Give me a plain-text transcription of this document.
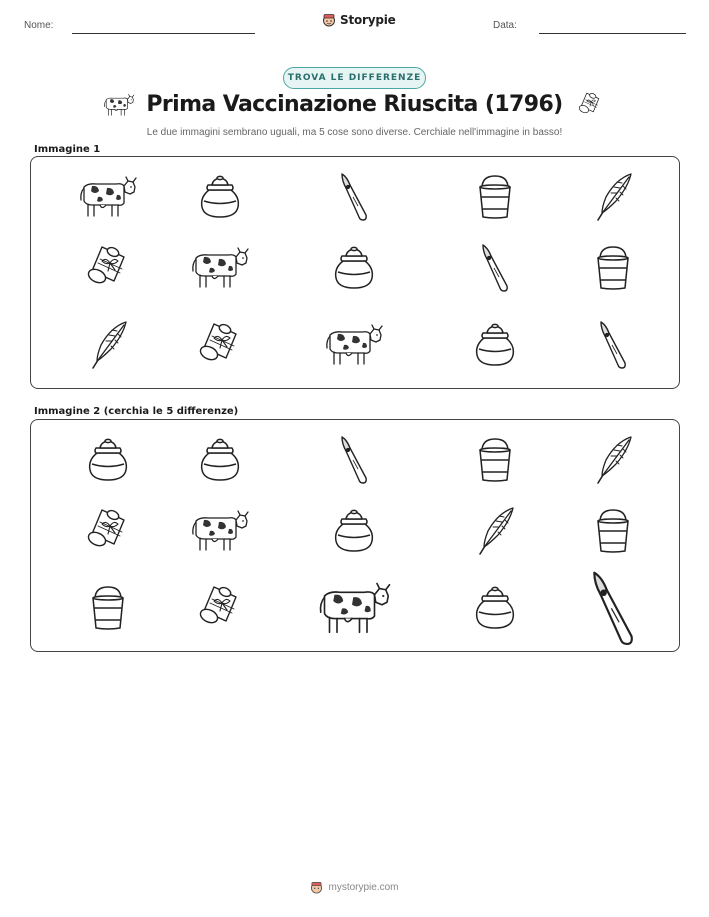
Nome:	Storypie	Data:
TROVA LE DIFFERENZE
Prima Vaccinazione Riuscita (1796)
Le due immagini sembrano uguali, ma 5 cose sono diverse. Cerchiale nell'immagine in basso!
Immagine 1
Immagine 2 (cerchia le 5 differenze)
mystorypie.com
